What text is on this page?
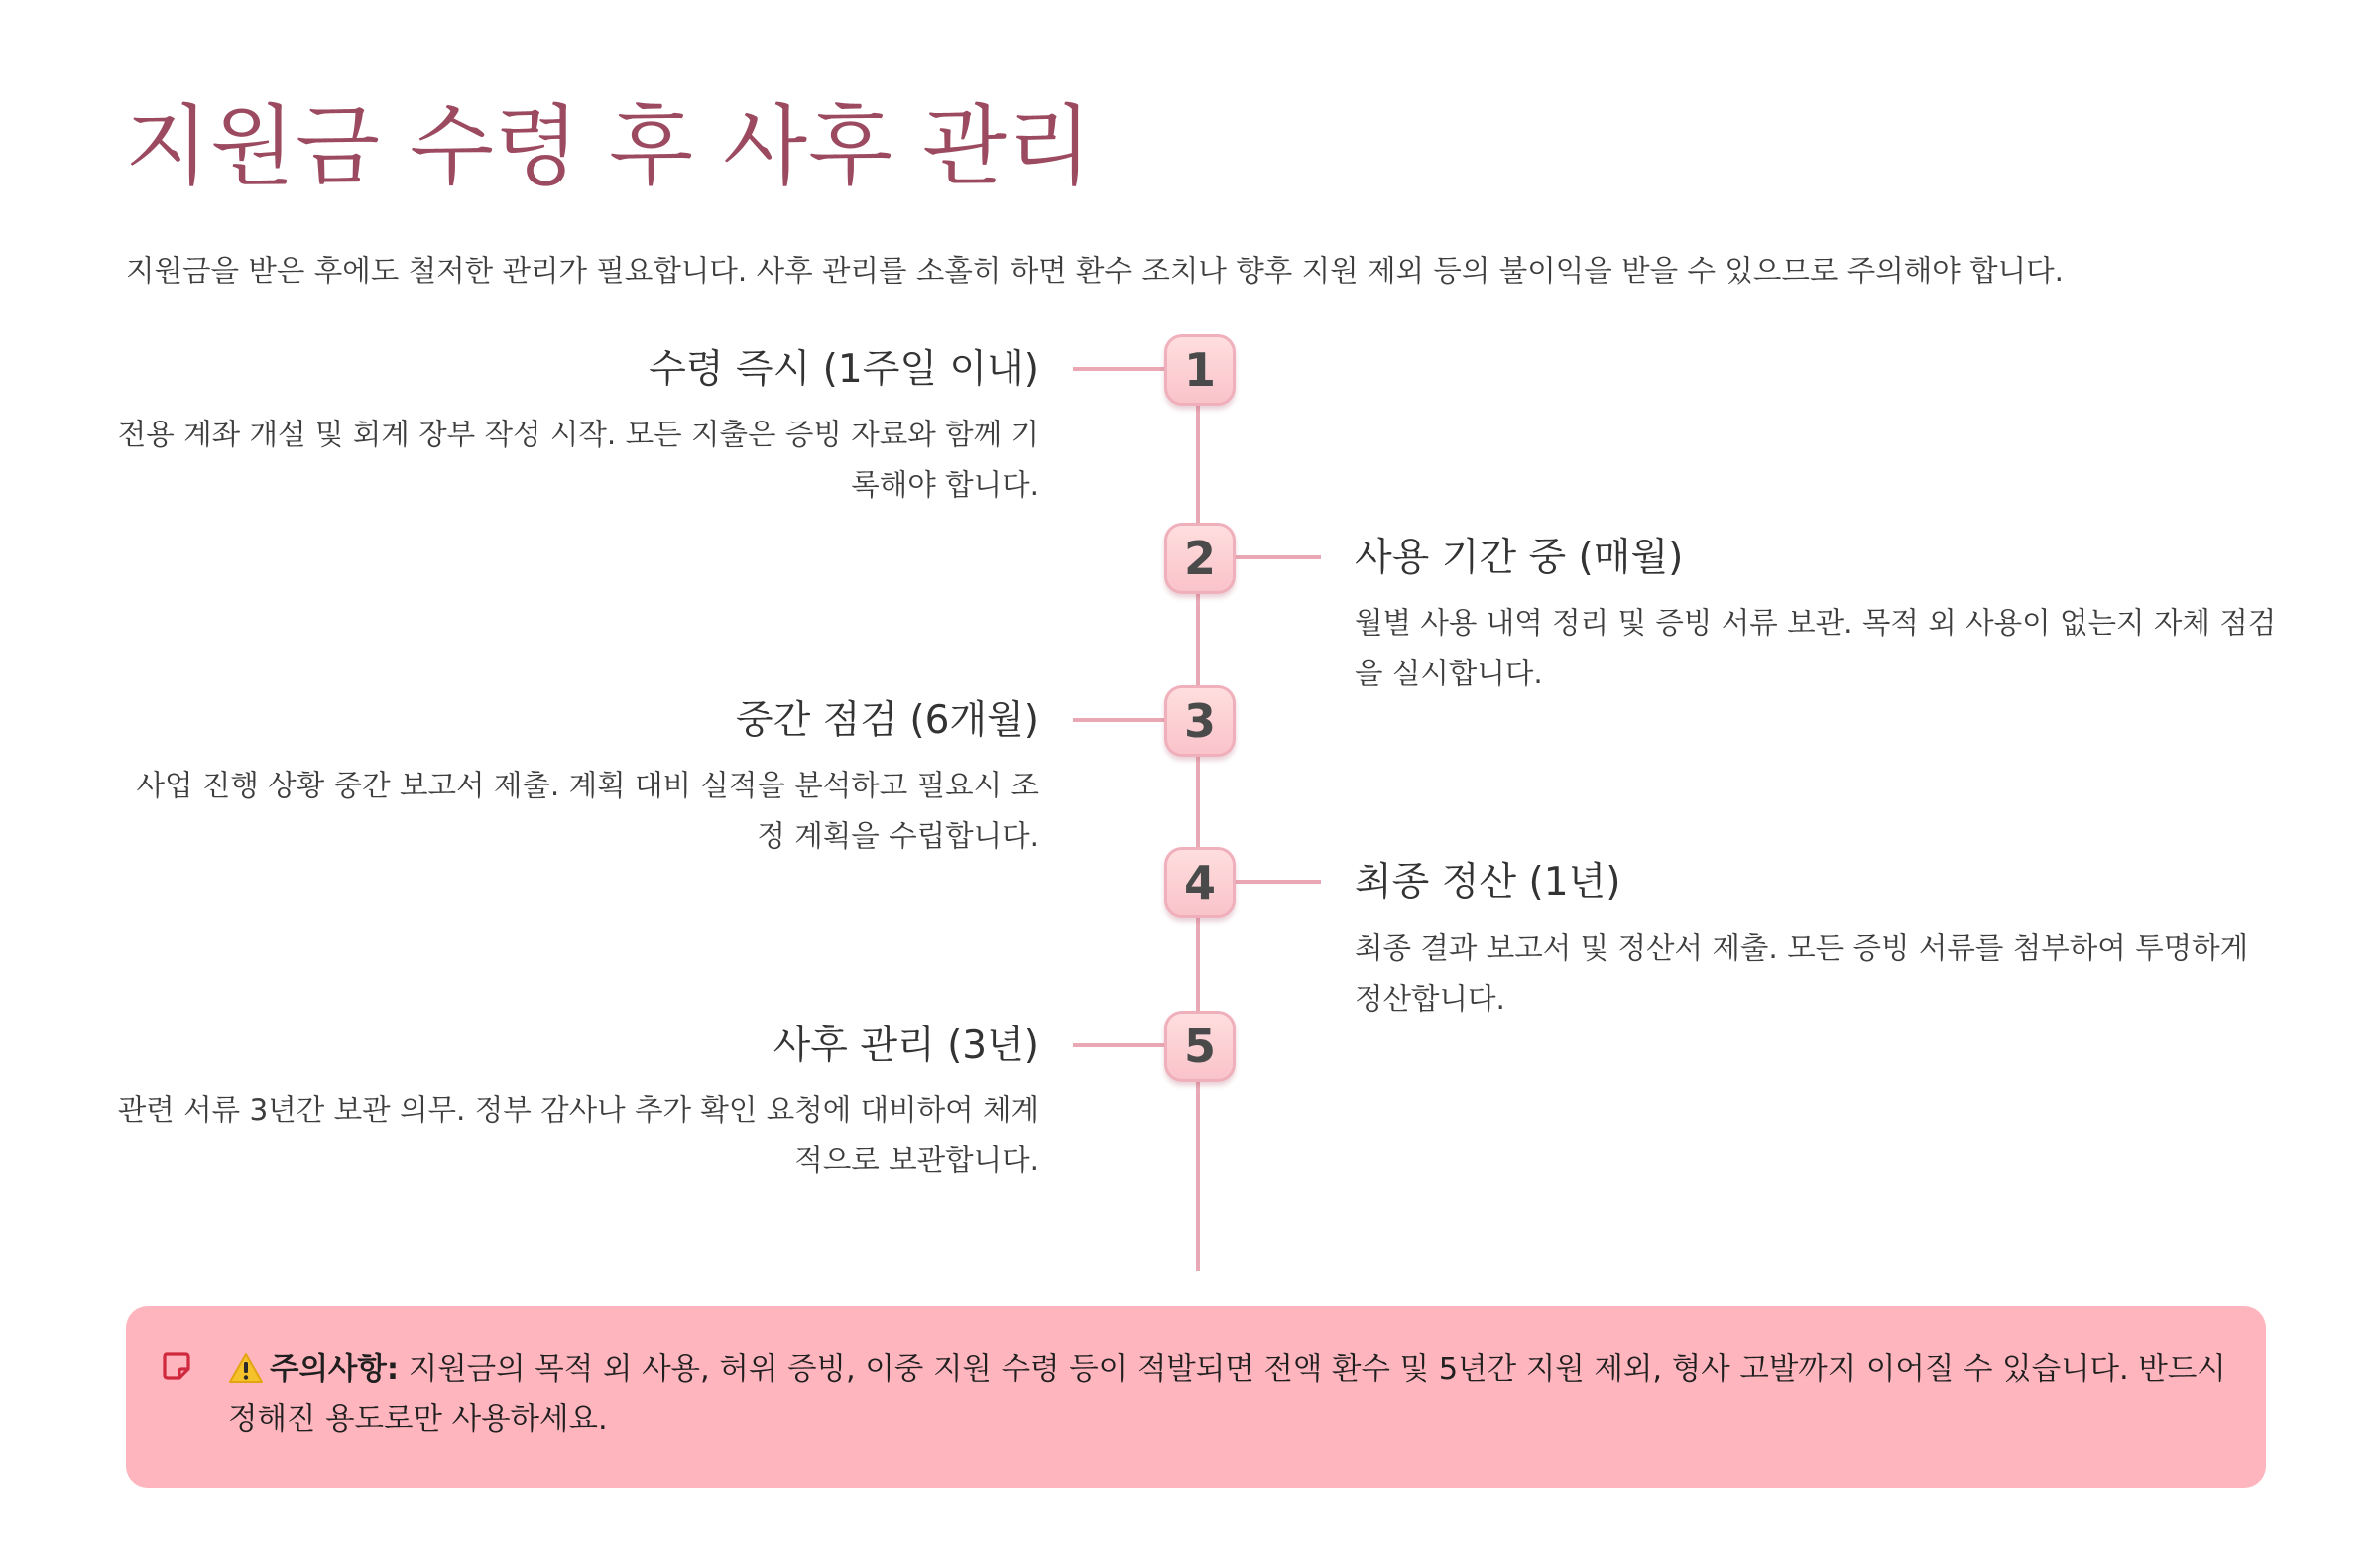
지원금 수령 후 사후 관리

지원금을 받은 후에도 철저한 관리가 필요합니다. 사후 관리를 소홀히 하면 환수 조치나 향후 지원 제외 등의 불이익을 받을 수 있으므로 주의해야 합니다.

1
수령 즉시 (1주일 이내)

전용 계좌 개설 및 회계 장부 작성 시작. 모든 지출은 증빙 자료와 함께 기록해야 합니다.

2	사용 기간 중 (매월)

월별 사용 내역 정리 및 증빙 서류 보관. 목적 외 사용이 없는지 자체 점검을 실시합니다.

3
중간 점검 (6개월)

사업 진행 상황 중간 보고서 제출. 계획 대비 실적을 분석하고 필요시 조정 계획을 수립합니다.

4	최종 정산 (1년)

최종 결과 보고서 및 정산서 제출. 모든 증빙 서류를 첨부하여 투명하게 정산합니다.

5
사후 관리 (3년)

관련 서류 3년간 보관 의무. 정부 감사나 추가 확인 요청에 대비하여 체계적으로 보관합니다.

주의사항: 지원금의 목적 외 사용, 허위 증빙, 이중 지원 수령 등이 적발되면 전액 환수 및 5년간 지원 제외, 형사 고발까지 이어질 수 있습니다. 반드시 정해진 용도로만 사용하세요.
